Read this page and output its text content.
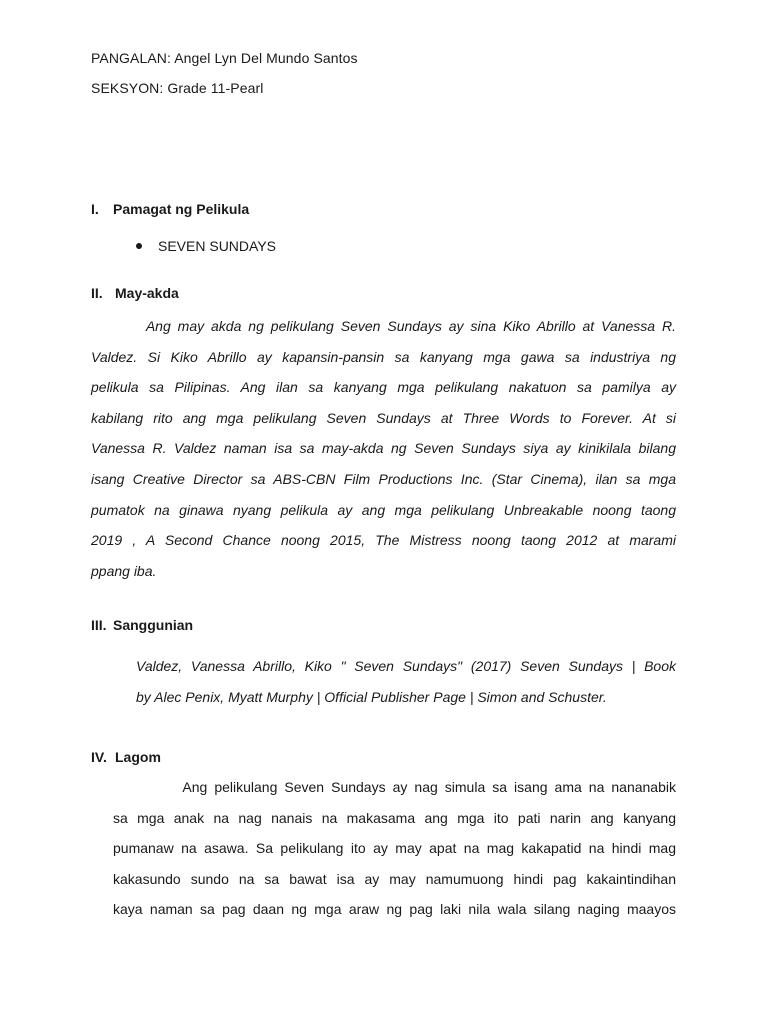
PANGALAN: Angel Lyn Del Mundo Santos
SEKSYON: Grade 11-Pearl
I. Pamagat ng Pelikula
SEVEN SUNDAYS
II. May-akda
Ang may akda ng pelikulang Seven Sundays ay sina Kiko Abrillo at Vanessa R.
Valdez. Si Kiko Abrillo ay kapansin-pansin sa kanyang mga gawa sa industriya ng
pelikula sa Pilipinas. Ang ilan sa kanyang mga pelikulang nakatuon sa pamilya ay
kabilang rito ang mga pelikulang Seven Sundays at Three Words to Forever. At si
Vanessa R. Valdez naman isa sa may-akda ng Seven Sundays siya ay kinikilala bilang
isang Creative Director sa ABS-CBN Film Productions Inc. (Star Cinema), ilan sa mga
pumatok na ginawa nyang pelikula ay ang mga pelikulang Unbreakable noong taong
2019 , A Second Chance noong 2015, The Mistress noong taong 2012 at marami
ppang iba.
III. Sanggunian
Valdez, Vanessa Abrillo, Kiko " Seven Sundays" (2017) Seven Sundays | Book
by Alec Penix, Myatt Murphy | Official Publisher Page | Simon and Schuster.
IV. Lagom
Ang pelikulang Seven Sundays ay nag simula sa isang ama na nananabik
sa mga anak na nag nanais na makasama ang mga ito pati narin ang kanyang
pumanaw na asawa. Sa pelikulang ito ay may apat na mag kakapatid na hindi mag
kakasundo sundo na sa bawat isa ay may namumuong hindi pag kakaintindihan
kaya naman sa pag daan ng mga araw ng pag laki nila wala silang naging maayos
